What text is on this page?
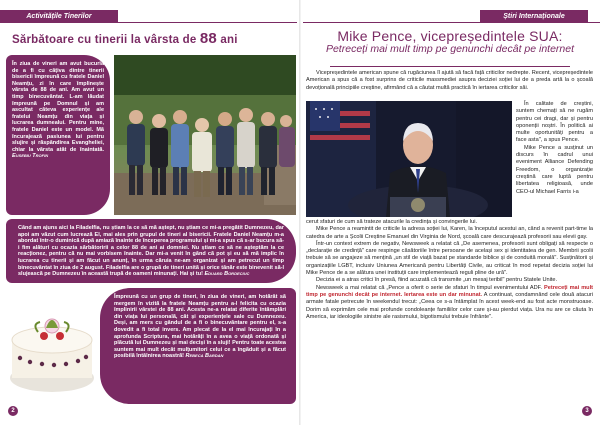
Activitățile Tinerilor
Sărbătoare cu tinerii la vârsta de 88 ani

În ziua de vineri am avut bucuria de a fi cu câțiva dintre tinerii bisericii împreună cu fratele Daniel Neamțu, zi în care împlinește vârsta de 88 de ani. Am avut un timp binecuvântat. L-am lăudat împreună pe Domnul și am ascultat câteva experiențe ale fratelui Neamțu din viața și lucrarea dumnealui. Pentru mine, fratele Daniel este un model. Mă încurajează pasiunea lui pentru slujire și răspândirea Evangheliei, chiar la vârsta atât de înaintată. Eusebiu Trofin

Când am ajuns aici la Filadelfia, nu știam la ce să mă aștept, nu știam ce mi-a pregătit Dumnezeu, dar apoi am văzut cum lucrează El, mai ales prin grupul de tineri al bisericii. Fratele Daniel Neamțu m-a abordat într-o duminică după amiază înainte de începerea programului și mi-a spus că s-ar bucura să-i fim alături cu ocazia sărbătoririi a celor 88 de ani ai domniei. Nu știam ce să ne așteptăm la ce reacționez, pentru că nu mai vorbisem înainte. Dar mi-a venit în gând că pot și eu să mă implic în lucrarea cu tinerii și am făcut un anunț, în urma căruia ne-am organizat și am petrecut un timp binecuvântat în ziua de 2 august. Filadelfia are o grupă de tineri unită și orice tânăr este binevenit să-l slujească pe Dumnezeu în această trupă de oameni minunați. Hai și tu! Eduard Bordeciuc

Împreună cu un grup de tineri, în ziua de vineri, am hotărât să mergem în vizită la fratele Neamțu pentru a-l felicita cu ocazia împlinirii vârstei de 88 ani. Acesta ne-a relatat diferite întâmplări din viața lui personală, cât și experiențele sale cu Dumnezeu. Deși, am mers cu gândul de a fi o binecuvântare pentru el, s-a dovedit a fi total invers. Am plecat de la el mai încurajați în a aprofunda Scriptura, mai hotărâți în a avea o viață ordonată și plăcută lui Dumnezeu și mai deciși în a sluji! Pentru toate acestea suntem mai mult decât mulțumitori celui ce a îngăduit și a făcut posibilă întâlnirea noastră! Rebeca Bardan

2
Știri Internaționale
Mike Pence, vicepreședintele SUA:
Petreceți mai mult timp pe genunchi decât pe internet

Vicepreședintele american spune că rugăciunea îl ajută să facă față criticilor nedrepte. Recent, vicepreședintele American a spus că a fost surprins de criticile massmediei asupra deciziei soției lui de a preda artă la o școală devoțională principiile creștine, afirmând că a căutat multă practică în iertarea criticilor săi.

În calitate de creștini, suntem chemați să ne rugăm pentru cei dragi, dar și pentru oponenții noștri. În politică ai multe oportunități pentru a face asta", a spus Pence.

Mike Pence a susținut un discurs în cadrul unui eveniment Alliance Defending Freedom, o organizație creștină care luptă pentru libertatea religioasă, unde CEO-ul Michael Farris i-a

cerut sfaturi de cum să trateze atacurile la credința și convingerile lui.

Mike Pence a reamintit de criticile la adresa soției lui, Karen, la începutul acestui an, când a revenit part-time la catedra de arte a Școlii Creștine Emanuel din Virginia de Nord, școală care descurajează profesorii sau elevii gay.

Într-un context extrem de negativ, Newsweek a relatat că „De asemenea, profesorii sunt obligați să respecte o „declarație de credință" care respinge căsătoriile între persoane de același sex și identitatea de gen. Membrii școlii trebuie să se angajeze să mențină „un stil de viață bazat pe standarde biblice și de conduită morală". Susținătorii și organizațiile LGBT, inclusiv Uniunea Americană pentru Libertăți Civile, au criticat în mod repetat decizia soției lui Mike Pence de a se alătura unei instituții care implementează reguli pline de ură".

Decizia ei a atras critici în presă, fiind acuzată că transmite „un mesaj teribil" pentru Statele Unite.

Newsweek a mai relatat că „Pence a oferit o serie de sfaturi în timpul evenimentului ADF. Petreceți mai mult timp pe genunchi decât pe internet. Iertarea este un dar minunat. A continuat, condamnând cele două atacuri armate fatale petrecute în weekendul trecut: „Ceea ce s-a întâmplat în acest week-end au fost acte monstruoase. Dorim să exprimăm cele mai profunde condoleanțe familiilor celor care și-au pierdut viața. Ura nu are ce căuta în America, iar ideologiile sinistre ale rasismului, bigotismului trebuie înfrânte".

3
